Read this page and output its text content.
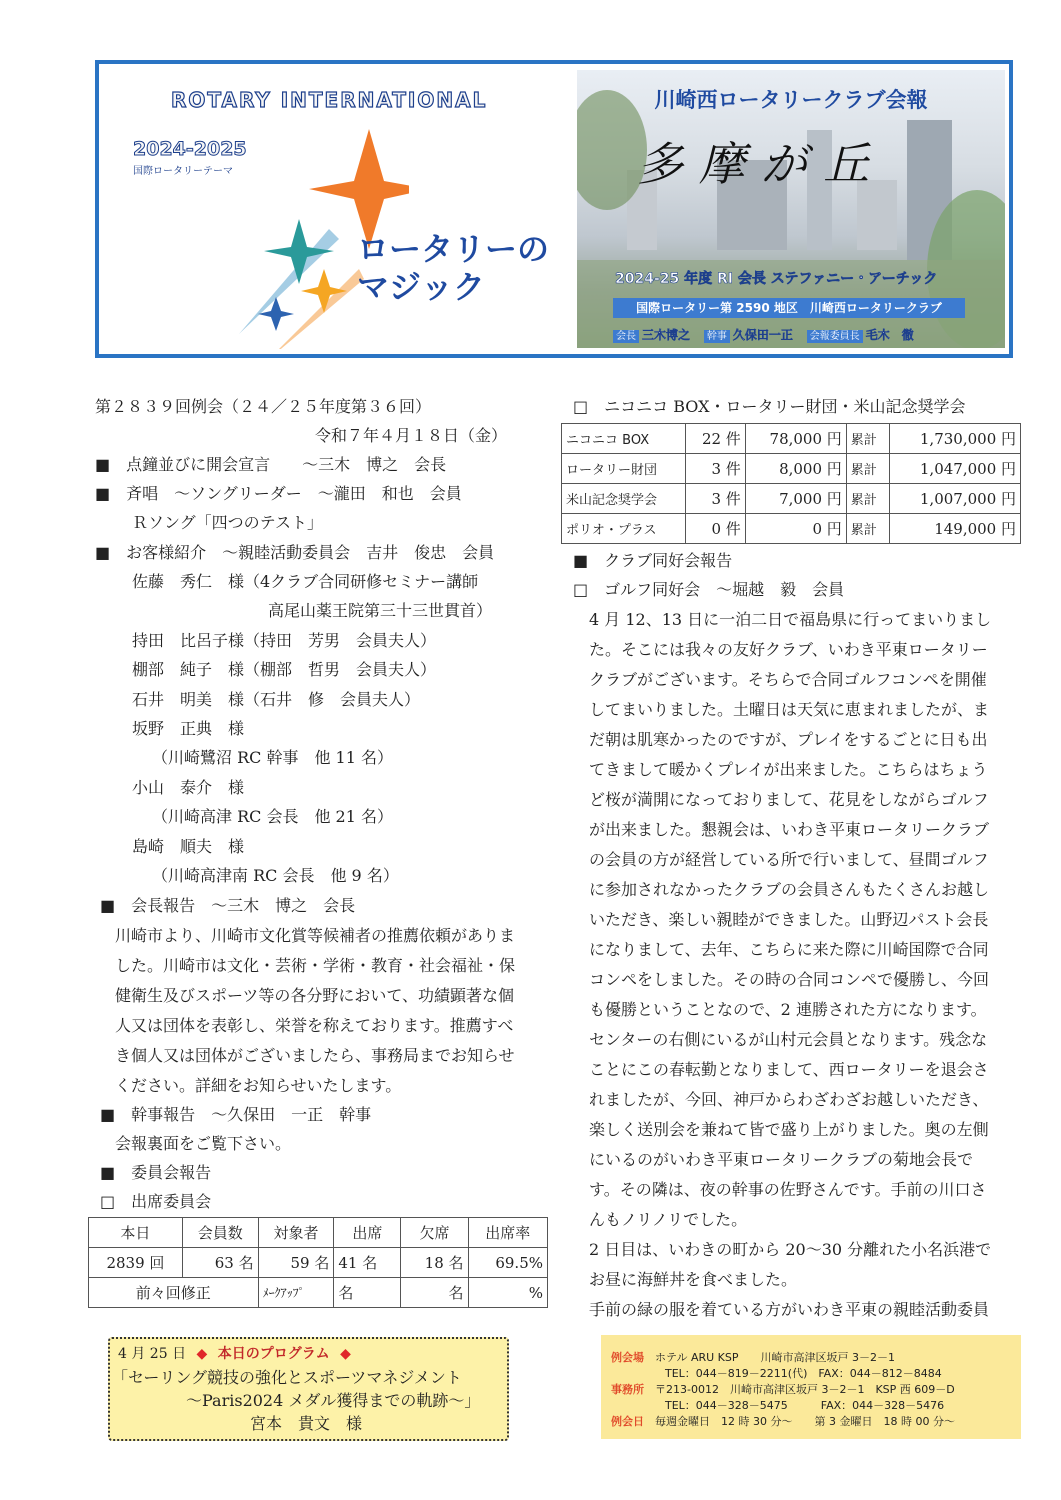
ROTARY INTERNATIONAL
2024-2025
国際ロータリーテーマ
ロータリーの
マジック
川崎西ロータリークラブ会報
多摩が丘
2024-25 年度 RI 会長 ステファニー・アーチック
国際ロータリー第 2590 地区　川崎西ロータリークラブ
会長 三木博之 幹事 久保田一正 会報委員長 毛木　徹
第２８３９回例会（２４／２５年度第３６回）
令和７年４月１８日（金）
■　点鐘並びに開会宣言　　～三木　博之　会長
■　斉唱　～ソングリーダー　～瀧田　和也　会員
Ｒソング「四つのテスト」
■　お客様紹介　～親睦活動委員会　吉井　俊忠　会員
佐藤　秀仁　様（4クラブ合同研修セミナー講師
高尾山薬王院第三十三世貫首）
持田　比呂子様（持田　芳男　会員夫人）
棚部　純子　様（棚部　哲男　会員夫人）
石井　明美　様（石井　修　会員夫人）
坂野　正典　様
（川崎鷺沼 RC 幹事　他 11 名）
小山　泰介　様
（川崎高津 RC 会長　他 21 名）
島崎　順夫　様
（川崎高津南 RC 会長　他 9 名）
■　会長報告　～三木　博之　会長
川崎市より、川崎市文化賞等候補者の推薦依頼がありま
した。川崎市は文化・芸術・学術・教育・社会福祉・保
健衛生及びスポーツ等の各分野において、功績顕著な個
人又は団体を表彰し、栄誉を称えております。推薦すべ
き個人又は団体がございましたら、事務局までお知らせ
ください。詳細をお知らせいたします。
■　幹事報告　～久保田　一正　幹事
会報裏面をご覧下さい。
■　委員会報告
□　出席委員会
本日	会員数	対象者	出席	欠席	出席率
2839 回	63 名	59 名	41 名	18 名	69.5%
前々回修正		ﾒｰｸｱｯﾌﾟ	名	名	%
□　ニコニコ BOX・ロータリー財団・米山記念奨学会
ニコニコ BOX	22 件	78,000 円	累計	1,730,000 円
ロータリー財団	3 件	8,000 円	累計	1,047,000 円
米山記念奨学会	3 件	7,000 円	累計	1,007,000 円
ポリオ・プラス	0 件	0 円	累計	149,000 円
■　クラブ同好会報告
□　ゴルフ同好会　～堀越　毅　会員
4 月 12、13 日に一泊二日で福島県に行ってまいりまし
た。そこには我々の友好クラブ、いわき平東ロータリー
クラブがございます。そちらで合同ゴルフコンペを開催
してまいりました。土曜日は天気に恵まれましたが、ま
だ朝は肌寒かったのですが、プレイをするごとに日も出
てきまして暖かくプレイが出来ました。こちらはちょう
ど桜が満開になっておりまして、花見をしながらゴルフ
が出来ました。懇親会は、いわき平東ロータリークラブ
の会員の方が経営している所で行いまして、昼間ゴルフ
に参加されなかったクラブの会員さんもたくさんお越し
いただき、楽しい親睦ができました。山野辺パスト会長
になりまして、去年、こちらに来た際に川崎国際で合同
コンペをしました。その時の合同コンペで優勝し、今回
も優勝ということなので、2 連勝された方になります。
センターの右側にいるが山村元会員となります。残念な
ことにこの春転勤となりまして、西ロータリーを退会さ
れましたが、今回、神戸からわざわざお越しいただき、
楽しく送別会を兼ねて皆で盛り上がりました。奥の左側
にいるのがいわき平東ロータリークラブの菊地会長で
す。その隣は、夜の幹事の佐野さんです。手前の川口さ
んもノリノリでした。
2 日目は、いわきの町から 20～30 分離れた小名浜港で
お昼に海鮮丼を食べました。
手前の緑の服を着ている方がいわき平東の親睦活動委員
4 月 25 日 ◆ 本日のプログラム ◆
「セーリング競技の強化とスポーツマネジメント
～Paris2024 メダル獲得までの軌跡～」
宮本　貴文　様
例会場　 ホテル ARU KSP　　川崎市高津区坂戸 3－2－1
TEL：044－819－2211(代)　FAX：044－812－8484
事務所　 〒213-0012　川崎市高津区坂戸 3－2－1　KSP 西 609－D
TEL：044－328－5475　　　FAX：044－328－5476
例会日　 毎週金曜日　12 時 30 分～　　第 3 金曜日　18 時 00 分～
